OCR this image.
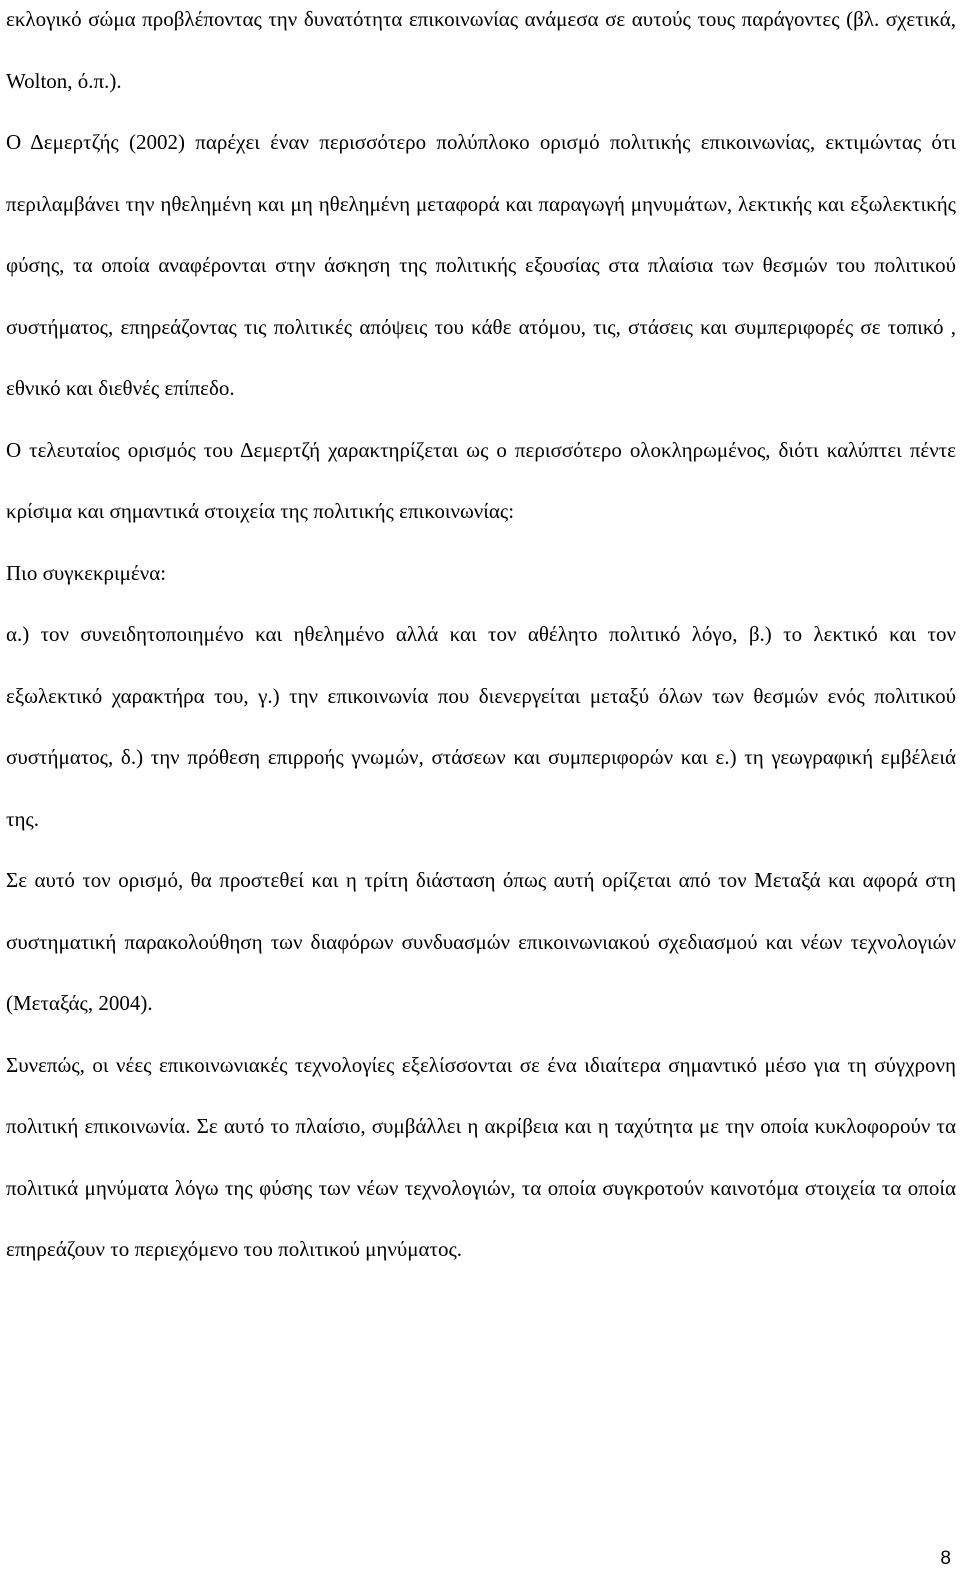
εκλογικό σώμα προβλέποντας την δυνατότητα επικοινωνίας ανάμεσα σε αυτούς τους παράγοντες (βλ. σχετικά, Wolton, ό.π.).

Ο Δεμερτζής (2002) παρέχει έναν περισσότερο πολύπλοκο ορισμό πολιτικής επικοινωνίας, εκτιμώντας ότι περιλαμβάνει την ηθελημένη και μη ηθελημένη μεταφορά και παραγωγή μηνυμάτων, λεκτικής και εξωλεκτικής φύσης, τα οποία αναφέρονται στην άσκηση της πολιτικής εξουσίας στα πλαίσια των θεσμών του πολιτικού συστήματος, επηρεάζοντας τις πολιτικές απόψεις του κάθε ατόμου, τις, στάσεις και συμπεριφορές σε τοπικό , εθνικό και διεθνές επίπεδο.

Ο τελευταίος ορισμός του Δεμερτζή χαρακτηρίζεται ως ο περισσότερο ολοκληρωμένος, διότι καλύπτει πέντε κρίσιμα και σημαντικά στοιχεία της πολιτικής επικοινωνίας:

Πιο συγκεκριμένα:

α.) τον συνειδητοποιημένο και ηθελημένο αλλά και τον αθέλητο πολιτικό λόγο, β.) το λεκτικό και τον εξωλεκτικό χαρακτήρα του, γ.) την επικοινωνία που διενεργείται μεταξύ όλων των θεσμών ενός πολιτικού συστήματος, δ.) την πρόθεση επιρροής γνωμών, στάσεων και συμπεριφορών και ε.) τη γεωγραφική εμβέλειά της.

Σε αυτό τον ορισμό, θα προστεθεί και η τρίτη διάσταση όπως αυτή ορίζεται από τον Μεταξά και αφορά στη συστηματική παρακολούθηση των διαφόρων συνδυασμών επικοινωνιακού σχεδιασμού και νέων τεχνολογιών (Μεταξάς, 2004).

Συνεπώς, οι νέες επικοινωνιακές τεχνολογίες εξελίσσονται σε ένα ιδιαίτερα σημαντικό μέσο για τη σύγχρονη πολιτική επικοινωνία. Σε αυτό το πλαίσιο, συμβάλλει η ακρίβεια και η ταχύτητα με την οποία κυκλοφορούν τα πολιτικά μηνύματα λόγω της φύσης των νέων τεχνολογιών, τα οποία συγκροτούν καινοτόμα στοιχεία τα οποία επηρεάζουν το περιεχόμενο του πολιτικού μηνύματος.

8
